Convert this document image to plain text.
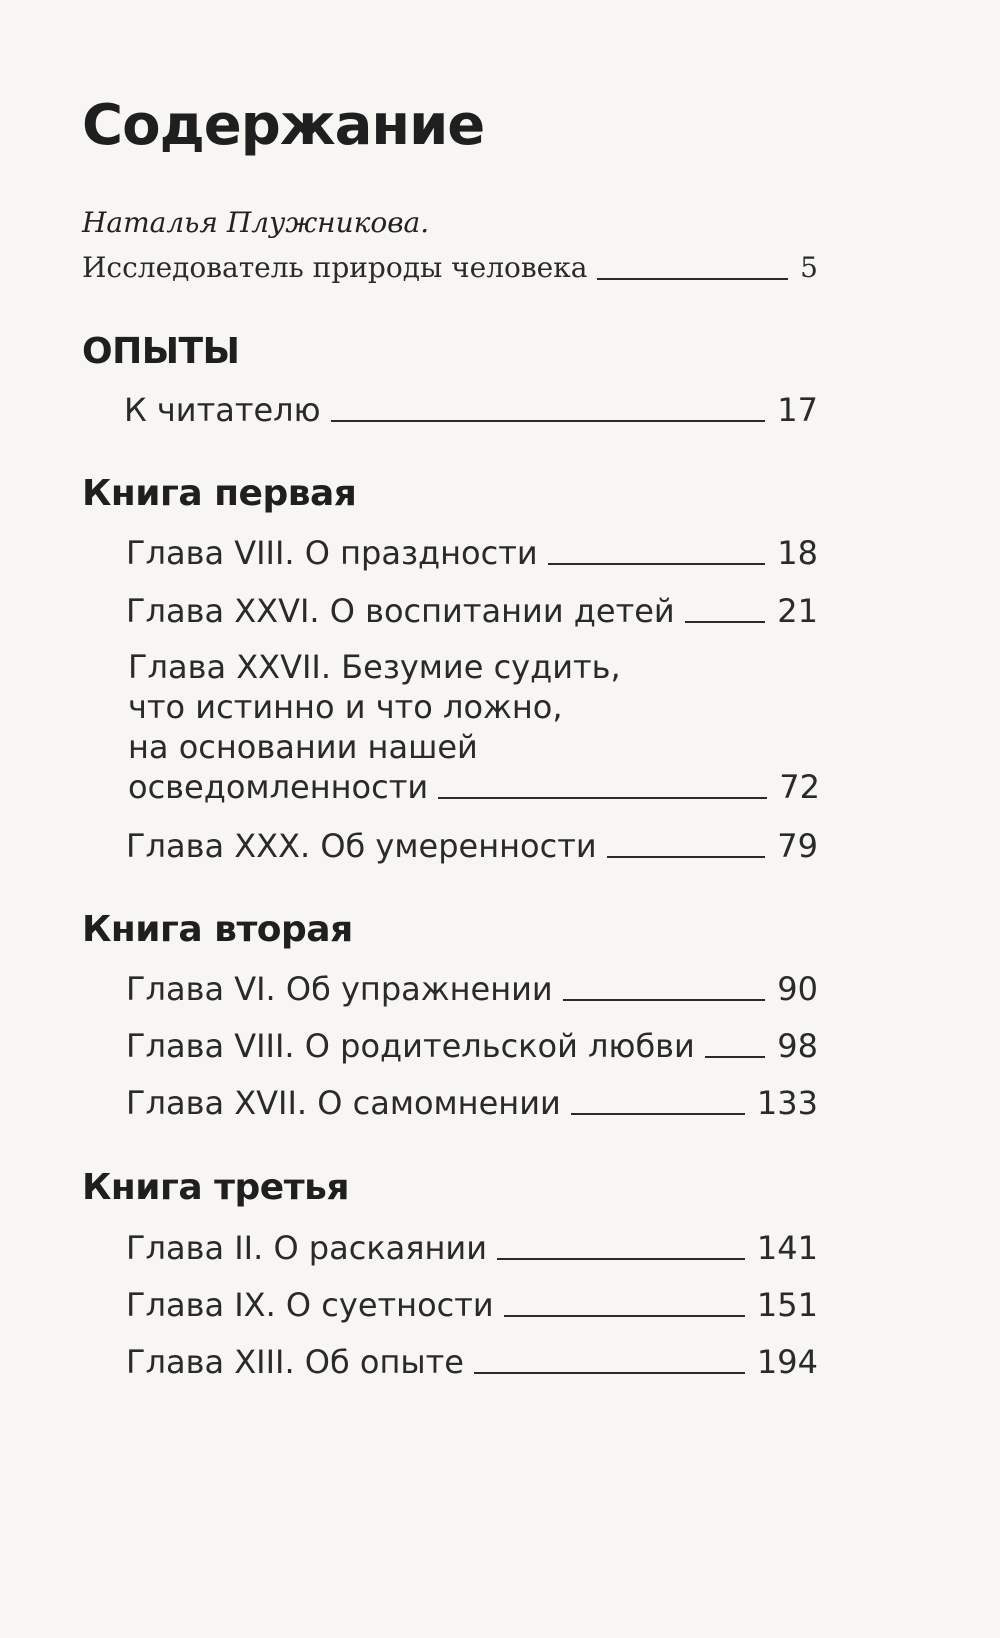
Содержание
Наталья Плужникова.
Исследователь природы человека	5
ОПЫТЫ
К читателю	17
Книга первая
Глава VIII. О праздности	18
Глава XXVI. О воспитании детей	21
Глава XXVII. Безумие судить,
что истинно и что ложно,
на основании нашей
осведомленности	72
Глава XXX. Об умеренности	79
Книга вторая
Глава VI. Об упражнении	90
Глава VIII. О родительской любви	98
Глава XVII. О самомнении	133
Книга третья
Глава II. О раскаянии	141
Глава IX. О суетности	151
Глава XIII. Об опыте	194
